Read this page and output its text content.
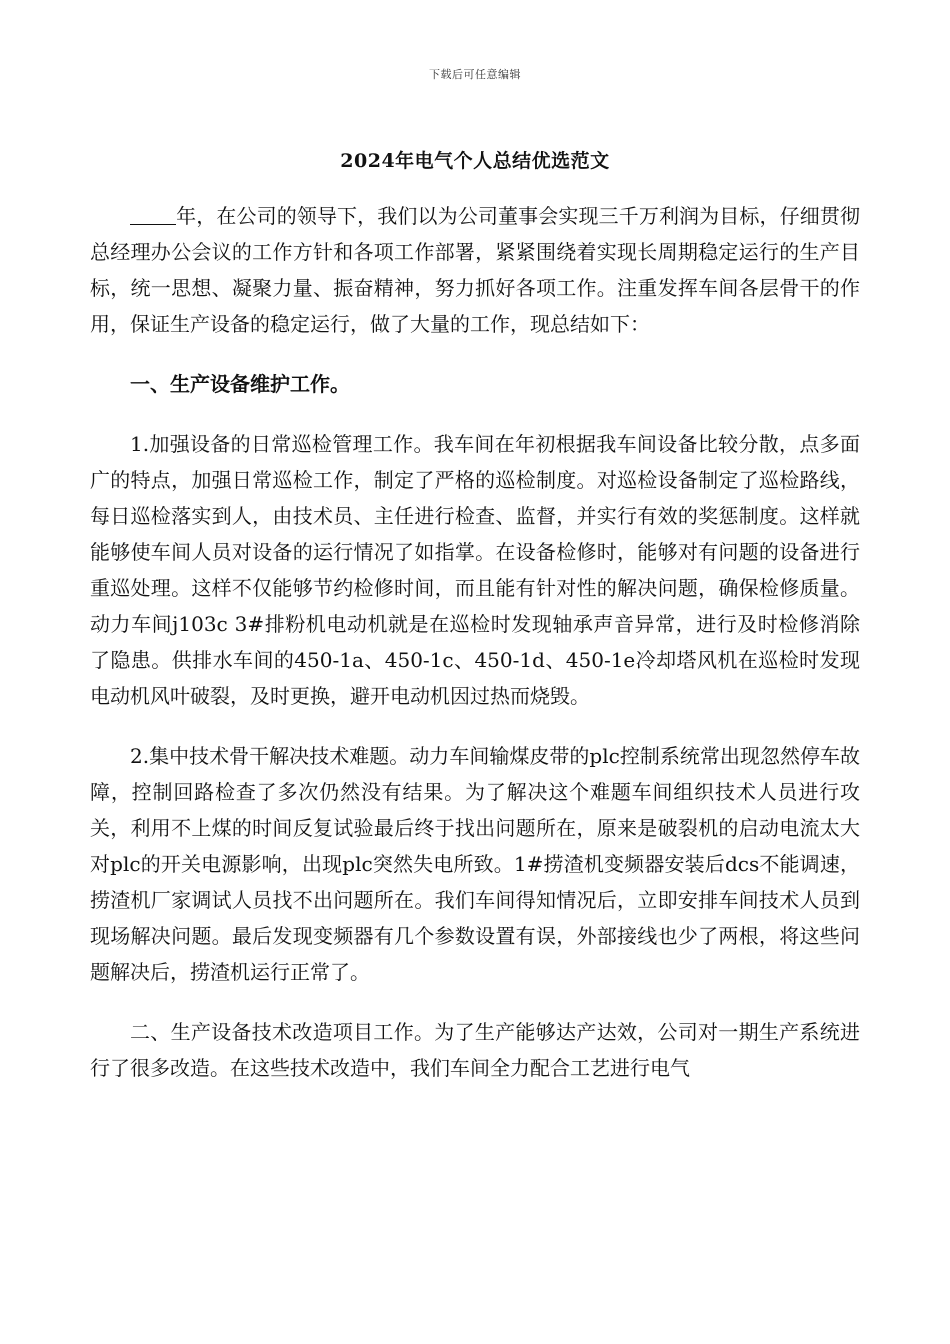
下载后可任意编辑
2024年电气个人总结优选范文

年，在公司的领导下，我们以为公司董事会实现三千万利润为目标，仔细贯彻总经理办公会议的工作方针和各项工作部署，紧紧围绕着实现长周期稳定运行的生产目标，统一思想、凝聚力量、振奋精神，努力抓好各项工作。注重发挥车间各层骨干的作用，保证生产设备的稳定运行，做了大量的工作，现总结如下：

一、生产设备维护工作。

1.加强设备的日常巡检管理工作。我车间在年初根据我车间设备比较分散，点多面广的特点，加强日常巡检工作，制定了严格的巡检制度。对巡检设备制定了巡检路线，每日巡检落实到人，由技术员、主任进行检查、监督，并实行有效的奖惩制度。这样就能够使车间人员对设备的运行情况了如指掌。在设备检修时，能够对有问题的设备进行重巡处理。这样不仅能够节约检修时间，而且能有针对性的解决问题，确保检修质量。动力车间j103c 3#排粉机电动机就是在巡检时发现轴承声音异常，进行及时检修消除了隐患。供排水车间的450-1a、450-1c、450-1d、450-1e冷却塔风机在巡检时发现电动机风叶破裂，及时更换，避开电动机因过热而烧毁。

2.集中技术骨干解决技术难题。动力车间输煤皮带的plc控制系统常出现忽然停车故障，控制回路检查了多次仍然没有结果。为了解决这个难题车间组织技术人员进行攻关，利用不上煤的时间反复试验最后终于找出问题所在，原来是破裂机的启动电流太大对plc的开关电源影响，出现plc突然失电所致。1#捞渣机变频器安装后dcs不能调速，捞渣机厂家调试人员找不出问题所在。我们车间得知情况后，立即安排车间技术人员到现场解决问题。最后发现变频器有几个参数设置有误，外部接线也少了两根，将这些问题解决后，捞渣机运行正常了。

二、生产设备技术改造项目工作。为了生产能够达产达效，公司对一期生产系统进行了很多改造。在这些技术改造中，我们车间全力配合工艺进行电气
